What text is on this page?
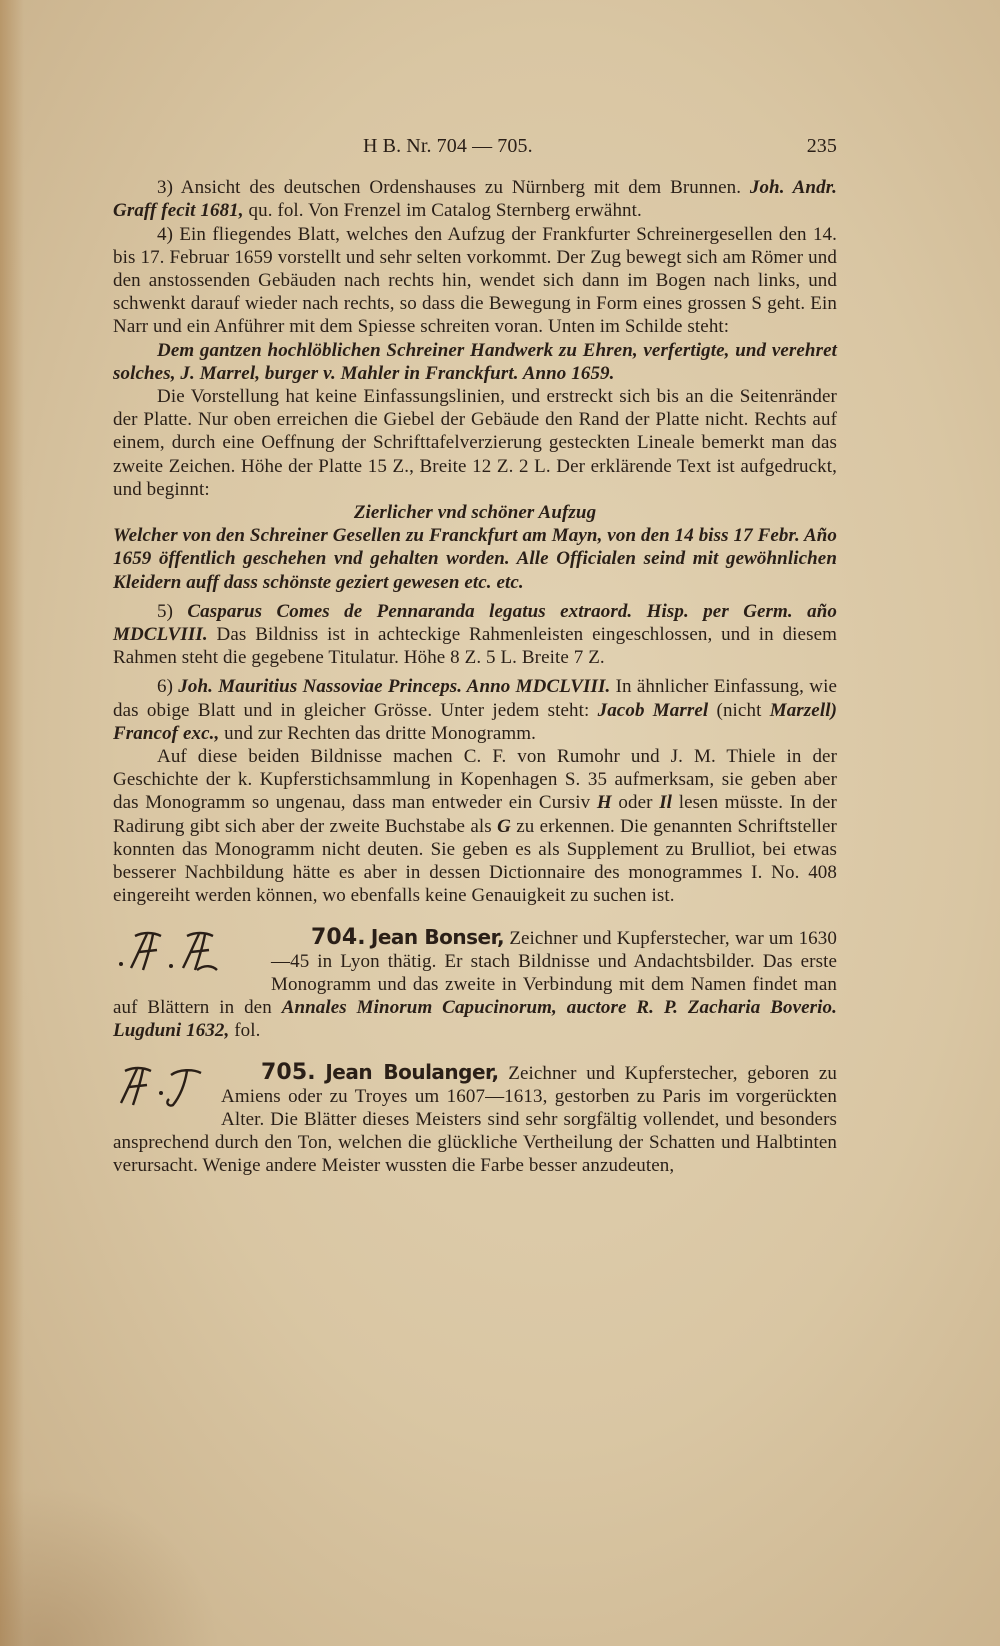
H B. Nr. 704 — 705.	235

3) Ansicht des deutschen Ordenshauses zu Nürnberg mit dem Brunnen. Joh. Andr. Graff fecit 1681, qu. fol. Von Frenzel im Catalog Sternberg erwähnt.

4) Ein fliegendes Blatt, welches den Aufzug der Frankfurter Schreinergesellen den 14. bis 17. Februar 1659 vorstellt und sehr selten vorkommt. Der Zug bewegt sich am Römer und den anstossenden Gebäuden nach rechts hin, wendet sich dann im Bogen nach links, und schwenkt darauf wieder nach rechts, so dass die Bewegung in Form eines grossen S geht. Ein Narr und ein Anführer mit dem Spiesse schreiten voran. Unten im Schilde steht:

Dem gantzen hochlöblichen Schreiner Handwerk zu Ehren, verfertigte, und verehret solches, J. Marrel, burger v. Mahler in Franckfurt. Anno 1659.

Die Vorstellung hat keine Einfassungslinien, und erstreckt sich bis an die Seitenränder der Platte. Nur oben erreichen die Giebel der Gebäude den Rand der Platte nicht. Rechts auf einem, durch eine Oeffnung der Schrifttafelverzierung gesteckten Lineale bemerkt man das zweite Zeichen. Höhe der Platte 15 Z., Breite 12 Z. 2 L. Der erklärende Text ist aufgedruckt, und beginnt:

Zierlicher vnd schöner Aufzug

Welcher von den Schreiner Gesellen zu Franckfurt am Mayn, von den 14 biss 17 Febr. Año 1659 öffentlich geschehen vnd gehalten worden. Alle Officialen seind mit gewöhnlichen Kleidern auff dass schönste geziert gewesen etc. etc.

5) Casparus Comes de Pennaranda legatus extraord. Hisp. per Germ. año MDCLVIII. Das Bildniss ist in achteckige Rahmenleisten eingeschlossen, und in diesem Rahmen steht die gegebene Titulatur. Höhe 8 Z. 5 L. Breite 7 Z.

6) Joh. Mauritius Nassoviae Princeps. Anno MDCLVIII. In ähnlicher Einfassung, wie das obige Blatt und in gleicher Grösse. Unter jedem steht: Jacob Marrel (nicht Marzell) Francof exc., und zur Rechten das dritte Monogramm.

Auf diese beiden Bildnisse machen C. F. von Rumohr und J. M. Thiele in der Geschichte der k. Kupferstichsammlung in Kopenhagen S. 35 aufmerksam, sie geben aber das Monogramm so ungenau, dass man entweder ein Cursiv H oder Il lesen müsste. In der Radirung gibt sich aber der zweite Buchstabe als G zu erkennen. Die genannten Schriftsteller konnten das Monogramm nicht deuten. Sie geben es als Supplement zu Brulliot, bei etwas besserer Nachbildung hätte es aber in dessen Dictionnaire des monogrammes I. No. 408 eingereiht werden können, wo ebenfalls keine Genauigkeit zu suchen ist.

704. Jean Bonser, Zeichner und Kupferstecher, war um 1630—45 in Lyon thätig. Er stach Bildnisse und Andachtsbilder. Das erste Monogramm und das zweite in Verbindung mit dem Namen findet man auf Blättern in den Annales Minorum Capucinorum, auctore R. P. Zacharia Boverio. Lugduni 1632, fol.

705. Jean Boulanger, Zeichner und Kupferstecher, geboren zu Amiens oder zu Troyes um 1607—1613, gestorben zu Paris im vorgerückten Alter. Die Blätter dieses Meisters sind sehr sorgfältig vollendet, und besonders ansprechend durch den Ton, welchen die glückliche Vertheilung der Schatten und Halbtinten verursacht. Wenige andere Meister wussten die Farbe besser anzudeuten,
